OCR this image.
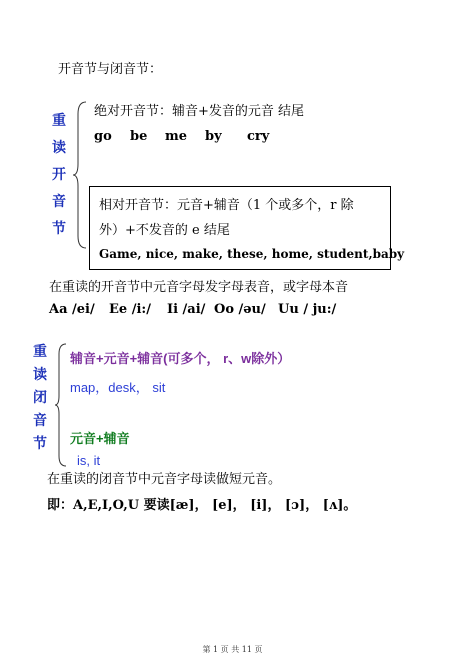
开音节与闭音节：
重
读
开
音
节
绝对开音节：辅音+发音的元音 结尾
go be me by cry
相对开音节：元音+辅音（1 个或多个，r 除
外）+不发音的 e 结尾
Game, nice, make, these, home, student,baby
在重读的开音节中元音字母发字母表音，或字母本音
Aa /ei/ Ee /i:/ Ii /ai/ Oo /əu/ Uu / ju:/
重
读
闭
音
节
辅音+元音+辅音(可多个， r、w除外）
map，desk， sit
元音+辅音
is, it
在重读的闭音节中元音字母读做短元音。
即：A,E,I,O,U 要读[æ]， [e]， [i]， [ɔ]， [ʌ]。
第 1 页 共 11 页
